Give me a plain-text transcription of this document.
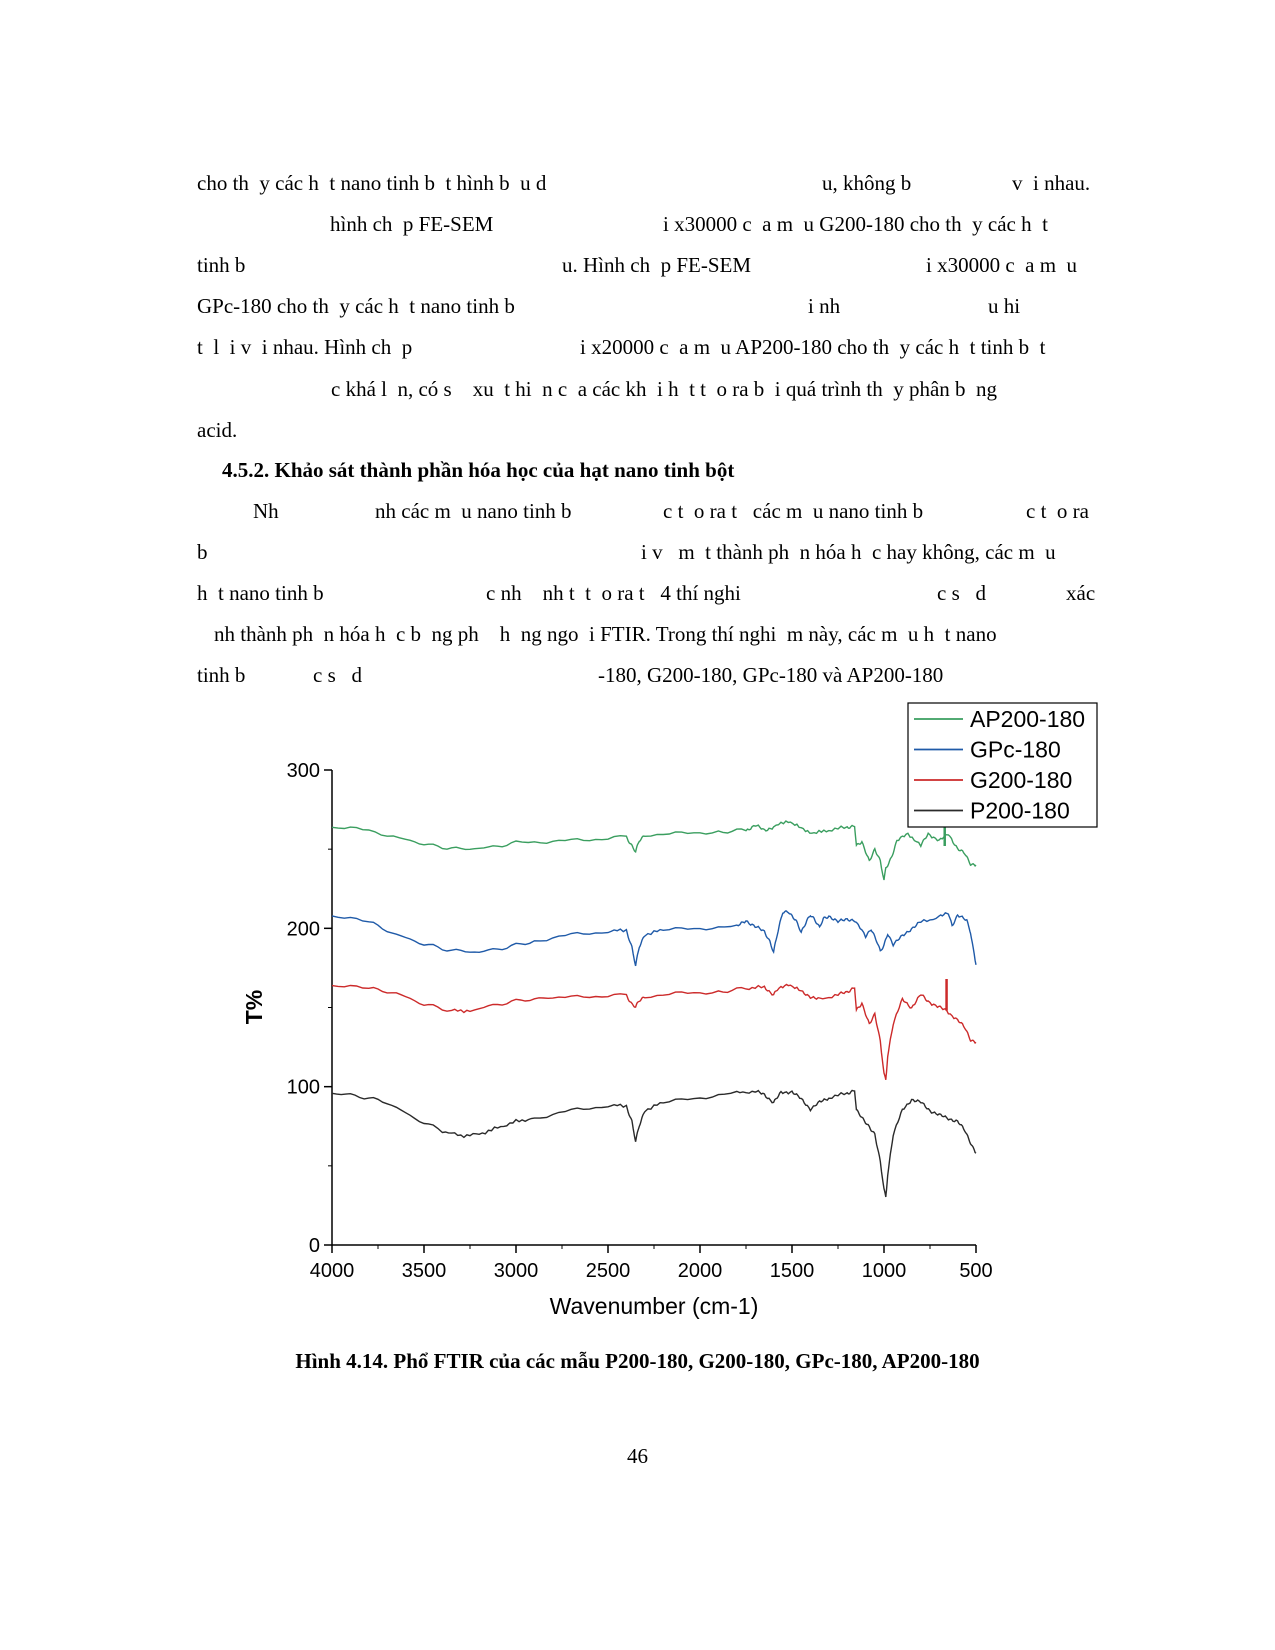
cho th  y các h  t nano tinh b  t hình b  u d	u, không b	v  i nhau.
hình ch  p FE-SEM	i x30000 c  a m  u G200-180 cho th  y các h  t
tinh b	u. Hình ch  p FE-SEM	i x30000 c  a m  u
GPc-180 cho th  y các h  t nano tinh b	i nh	u hi
t  l  i v  i nhau. Hình ch  p	i x20000 c  a m  u AP200-180 cho th  y các h  t tinh b  t
c khá l  n, có s    xu  t hi  n c  a các kh  i h  t t  o ra b  i quá trình th  y phân b  ng
acid.
4.5.2. Khảo sát thành phần hóa học của hạt nano tinh bột
Nh	nh các m  u nano tinh b	c t  o ra t   các m  u nano tinh b	c t  o ra
b	i v   m  t thành ph  n hóa h  c hay không, các m  u
h  t nano tinh b	c nh    nh t  t  o ra t   4 thí nghi	c s   d	xác
nh thành ph  n hóa h  c b  ng ph    h  ng ngo  i FTIR. Trong thí nghi  m này, các m  u h  t nano
tinh b	c s   d	-180, G200-180, GPc-180 và AP200-180
4000 3500 3000 2500 2000 1500 1000	500
0
100
200
300
Wavenumber (cm-1)
T%
AP200-180
GPc-180
G200-180
P200-180
Hình 4.14. Phổ FTIR của các mẫu P200-180, G200-180, GPc-180, AP200-180
46
